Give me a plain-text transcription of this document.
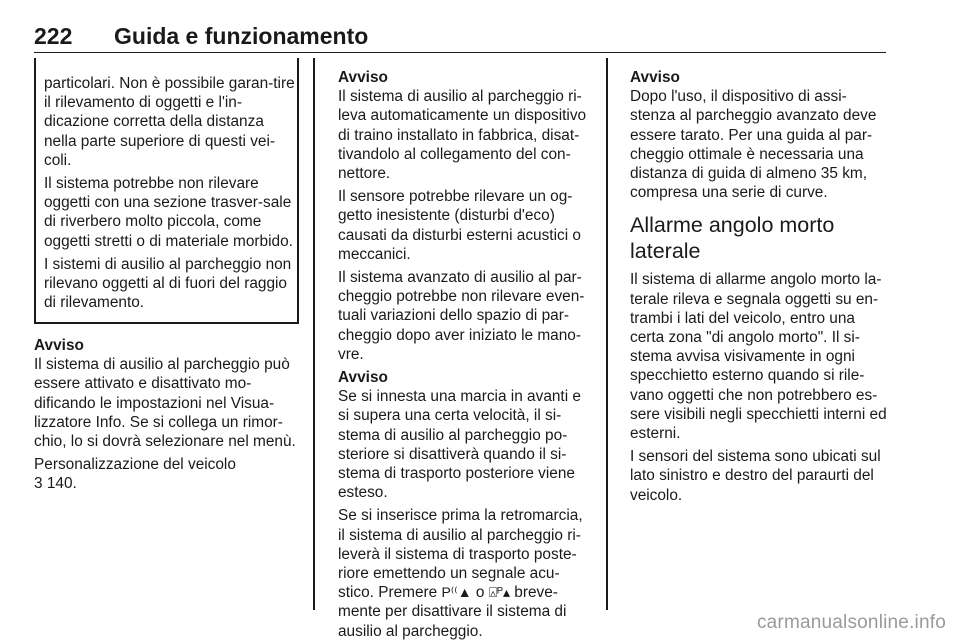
222 Guida e funzionamento

particolari. Non è possibile garan-tire il rilevamento di oggetti e l'in-dicazione corretta della distanza nella parte superiore di questi vei-coli.

Il sistema potrebbe non rilevare oggetti con una sezione trasver-sale di riverbero molto piccola, come oggetti stretti o di materiale morbido.

I sistemi di ausilio al parcheggio non rilevano oggetti al di fuori del raggio di rilevamento.

Avviso

Il sistema di ausilio al parcheggio può essere attivato e disattivato mo-dificando le impostazioni nel Visua-lizzatore Info. Se si collega un rimor-chio, lo si dovrà selezionare nel menù.

Personalizzazione del veicolo

3 140.

Avviso

Il sistema di ausilio al parcheggio ri-leva automaticamente un dispositivo di traino installato in fabbrica, disat-tivandolo al collegamento del con-nettore.

Il sensore potrebbe rilevare un og-getto inesistente (disturbi d'eco) causati da disturbi esterni acustici o meccanici.

Il sistema avanzato di ausilio al par-cheggio potrebbe non rilevare even-tuali variazioni dello spazio di par-cheggio dopo aver iniziato le mano-vre.

Avviso

Se si innesta una marcia in avanti e si supera una certa velocità, il si-stema di ausilio al parcheggio po-steriore si disattiverà quando il si-stema di trasporto posteriore viene esteso.

Se si inserisce prima la retromarcia, il sistema di ausilio al parcheggio ri-leverà il sistema di trasporto poste-riore emettendo un segnale acu-stico. Premere P⁽⁽▲ o ⍓ᴾ▴ breve-mente per disattivare il sistema di ausilio al parcheggio.

Avviso

Dopo l'uso, il dispositivo di assi-stenza al parcheggio avanzato deve essere tarato. Per una guida al par-cheggio ottimale è necessaria una distanza di guida di almeno 35 km, compresa una serie di curve.

Allarme angolo morto laterale

Il sistema di allarme angolo morto la-terale rileva e segnala oggetti su en-trambi i lati del veicolo, entro una certa zona "di angolo morto". Il si-stema avvisa visivamente in ogni specchietto esterno quando si rile-vano oggetti che non potrebbero es-sere visibili negli specchietti interni ed esterni.

I sensori del sistema sono ubicati sul lato sinistro e destro del paraurti del veicolo.

carmanualsonline.info
